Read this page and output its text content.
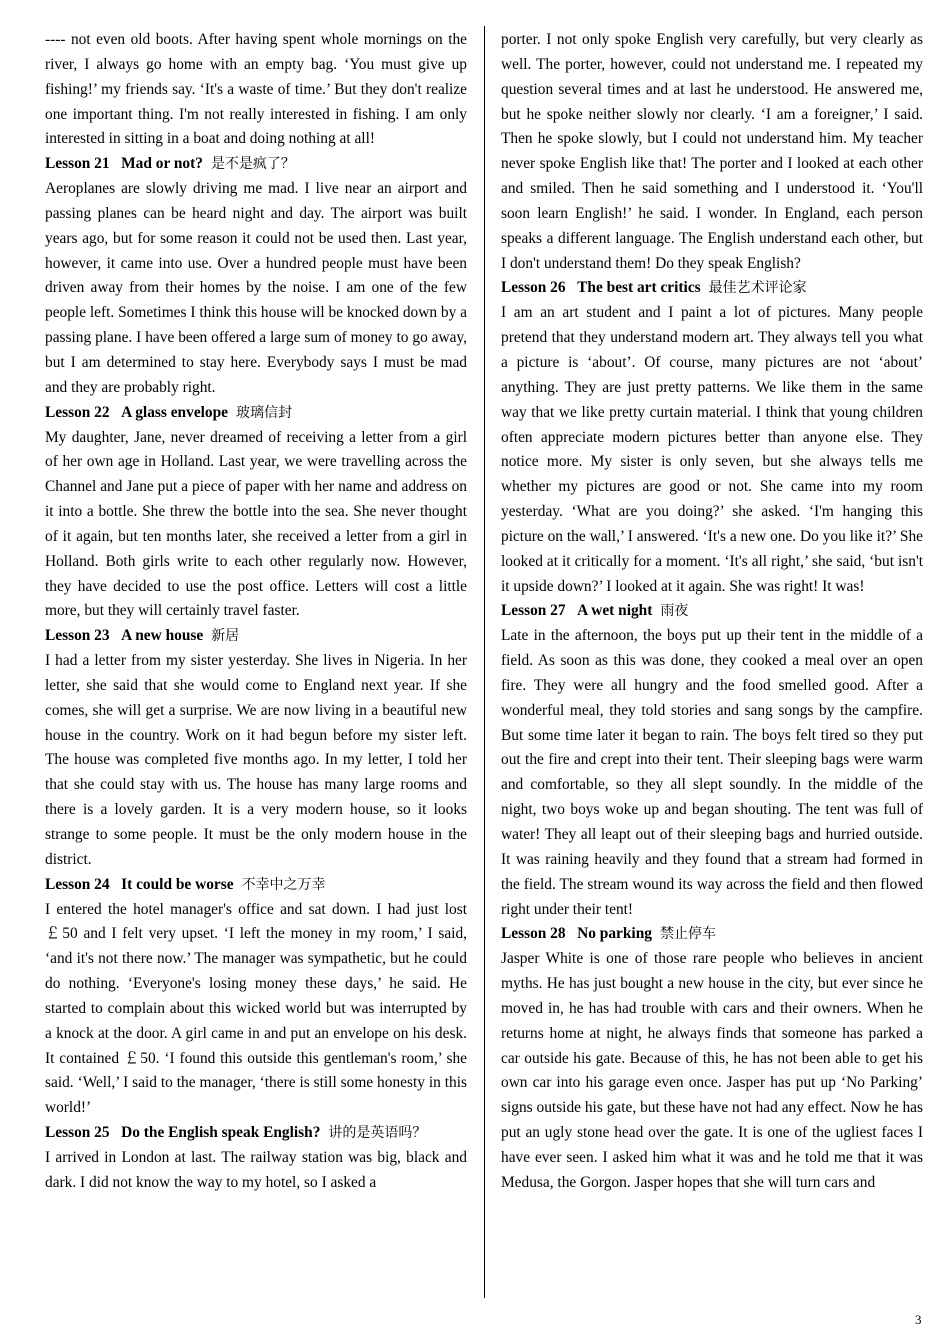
---- not even old boots. After having spent whole mornings on the river, I always go home with an empty bag. ‘You must give up fishing!’ my friends say. ‘It's a waste of time.’ But they don't realize one important thing. I'm not really interested in fishing. I am only interested in sitting in a boat and doing nothing at all!

Lesson 21 Mad or not? 是不是疯了？

Aeroplanes are slowly driving me mad. I live near an airport and passing planes can be heard night and day. The airport was built years ago, but for some reason it could not be used then. Last year, however, it came into use. Over a hundred people must have been driven away from their homes by the noise. I am one of the few people left. Sometimes I think this house will be knocked down by a passing plane. I have been offered a large sum of money to go away, but I am determined to stay here. Everybody says I must be mad and they are probably right.

Lesson 22 A glass envelope 玻璃信封

My daughter, Jane, never dreamed of receiving a letter from a girl of her own age in Holland. Last year, we were travelling across the Channel and Jane put a piece of paper with her name and address on it into a bottle. She threw the bottle into the sea. She never thought of it again, but ten months later, she received a letter from a girl in Holland. Both girls write to each other regularly now. However, they have decided to use the post office. Letters will cost a little more, but they will certainly travel faster.

Lesson 23 A new house 新居

I had a letter from my sister yesterday. She lives in Nigeria. In her letter, she said that she would come to England next year. If she comes, she will get a surprise. We are now living in a beautiful new house in the country. Work on it had begun before my sister left. The house was completed five months ago. In my letter, I told her that she could stay with us. The house has many large rooms and there is a lovely garden. It is a very modern house, so it looks strange to some people. It must be the only modern house in the district.

Lesson 24 It could be worse 不幸中之万幸

I entered the hotel manager's office and sat down. I had just lost ￡50 and I felt very upset. ‘I left the money in my room,’ I said, ‘and it's not there now.’ The manager was sympathetic, but he could do nothing. ‘Everyone's losing money these days,’ he said. He started to complain about this wicked world but was interrupted by a knock at the door. A girl came in and put an envelope on his desk. It contained ￡50. ‘I found this outside this gentleman's room,’ she said. ‘Well,’ I said to the manager, ‘there is still some honesty in this world!’

Lesson 25 Do the English speak English? 讲的是英语吗？

I arrived in London at last. The railway station was big, black and dark. I did not know the way to my hotel, so I asked a

porter. I not only spoke English very carefully, but very clearly as well. The porter, however, could not understand me. I repeated my question several times and at last he understood. He answered me, but he spoke neither slowly nor clearly. ‘I am a foreigner,’ I said. Then he spoke slowly, but I could not understand him. My teacher never spoke English like that! The porter and I looked at each other and smiled. Then he said something and I understood it. ‘You'll soon learn English!’ he said. I wonder. In England, each person speaks a different language. The English understand each other, but I don't understand them! Do they speak English?

Lesson 26 The best art critics 最佳艺术评论家

I am an art student and I paint a lot of pictures. Many people pretend that they understand modern art. They always tell you what a picture is ‘about’. Of course, many pictures are not ‘about’ anything. They are just pretty patterns. We like them in the same way that we like pretty curtain material. I think that young children often appreciate modern pictures better than anyone else. They notice more. My sister is only seven, but she always tells me whether my pictures are good or not. She came into my room yesterday. ‘What are you doing?’ she asked. ‘I'm hanging this picture on the wall,’ I answered. ‘It's a new one. Do you like it?’ She looked at it critically for a moment. ‘It's all right,’ she said, ‘but isn't it upside down?’ I looked at it again. She was right! It was!

Lesson 27 A wet night 雨夜

Late in the afternoon, the boys put up their tent in the middle of a field. As soon as this was done, they cooked a meal over an open fire. They were all hungry and the food smelled good. After a wonderful meal, they told stories and sang songs by the campfire. But some time later it began to rain. The boys felt tired so they put out the fire and crept into their tent. Their sleeping bags were warm and comfortable, so they all slept soundly. In the middle of the night, two boys woke up and began shouting. The tent was full of water! They all leapt out of their sleeping bags and hurried outside. It was raining heavily and they found that a stream had formed in the field. The stream wound its way across the field and then flowed right under their tent!

Lesson 28 No parking 禁止停车

Jasper White is one of those rare people who believes in ancient myths. He has just bought a new house in the city, but ever since he moved in, he has had trouble with cars and their owners. When he returns home at night, he always finds that someone has parked a car outside his gate. Because of this, he has not been able to get his own car into his garage even once. Jasper has put up ‘No Parking’ signs outside his gate, but these have not had any effect. Now he has put an ugly stone head over the gate. It is one of the ugliest faces I have ever seen. I asked him what it was and he told me that it was Medusa, the Gorgon. Jasper hopes that she will turn cars and

3
